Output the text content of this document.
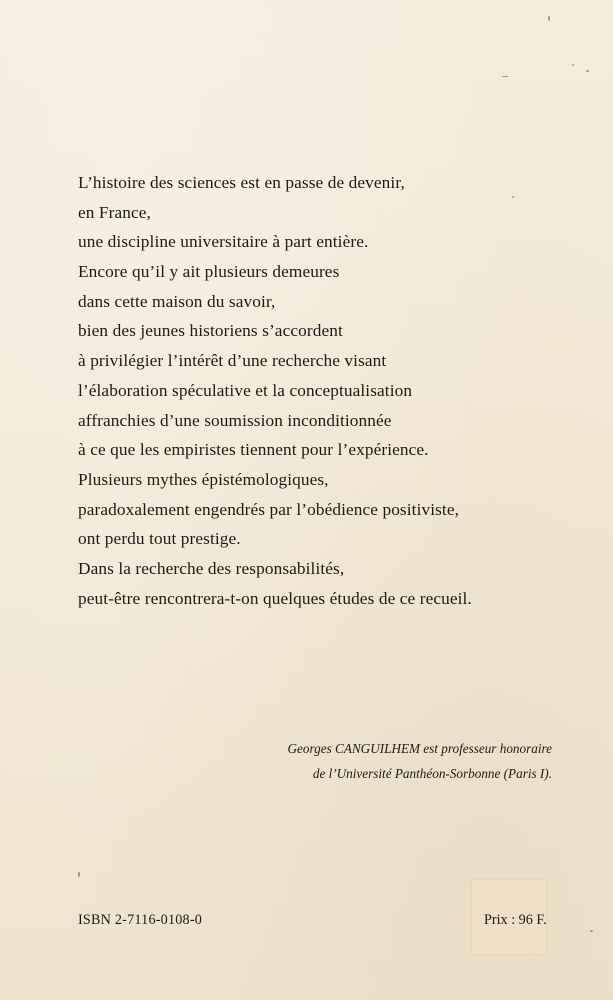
L’histoire des sciences est en passe de devenir,
en France,
une discipline universitaire à part entière.
Encore qu’il y ait plusieurs demeures
dans cette maison du savoir,
bien des jeunes historiens s’accordent
à privilégier l’intérêt d’une recherche visant
l’élaboration spéculative et la conceptualisation
affranchies d’une soumission inconditionnée
à ce que les empiristes tiennent pour l’expérience.
Plusieurs mythes épistémologiques,
paradoxalement engendrés par l’obédience positiviste,
ont perdu tout prestige.
Dans la recherche des responsabilités,
peut-être rencontrera-t-on quelques études de ce recueil.
Georges CANGUILHEM est professeur honoraire
de l’Université Panthéon-Sorbonne (Paris I).
ISBN 2-7116-0108-0	Prix : 96 F.
